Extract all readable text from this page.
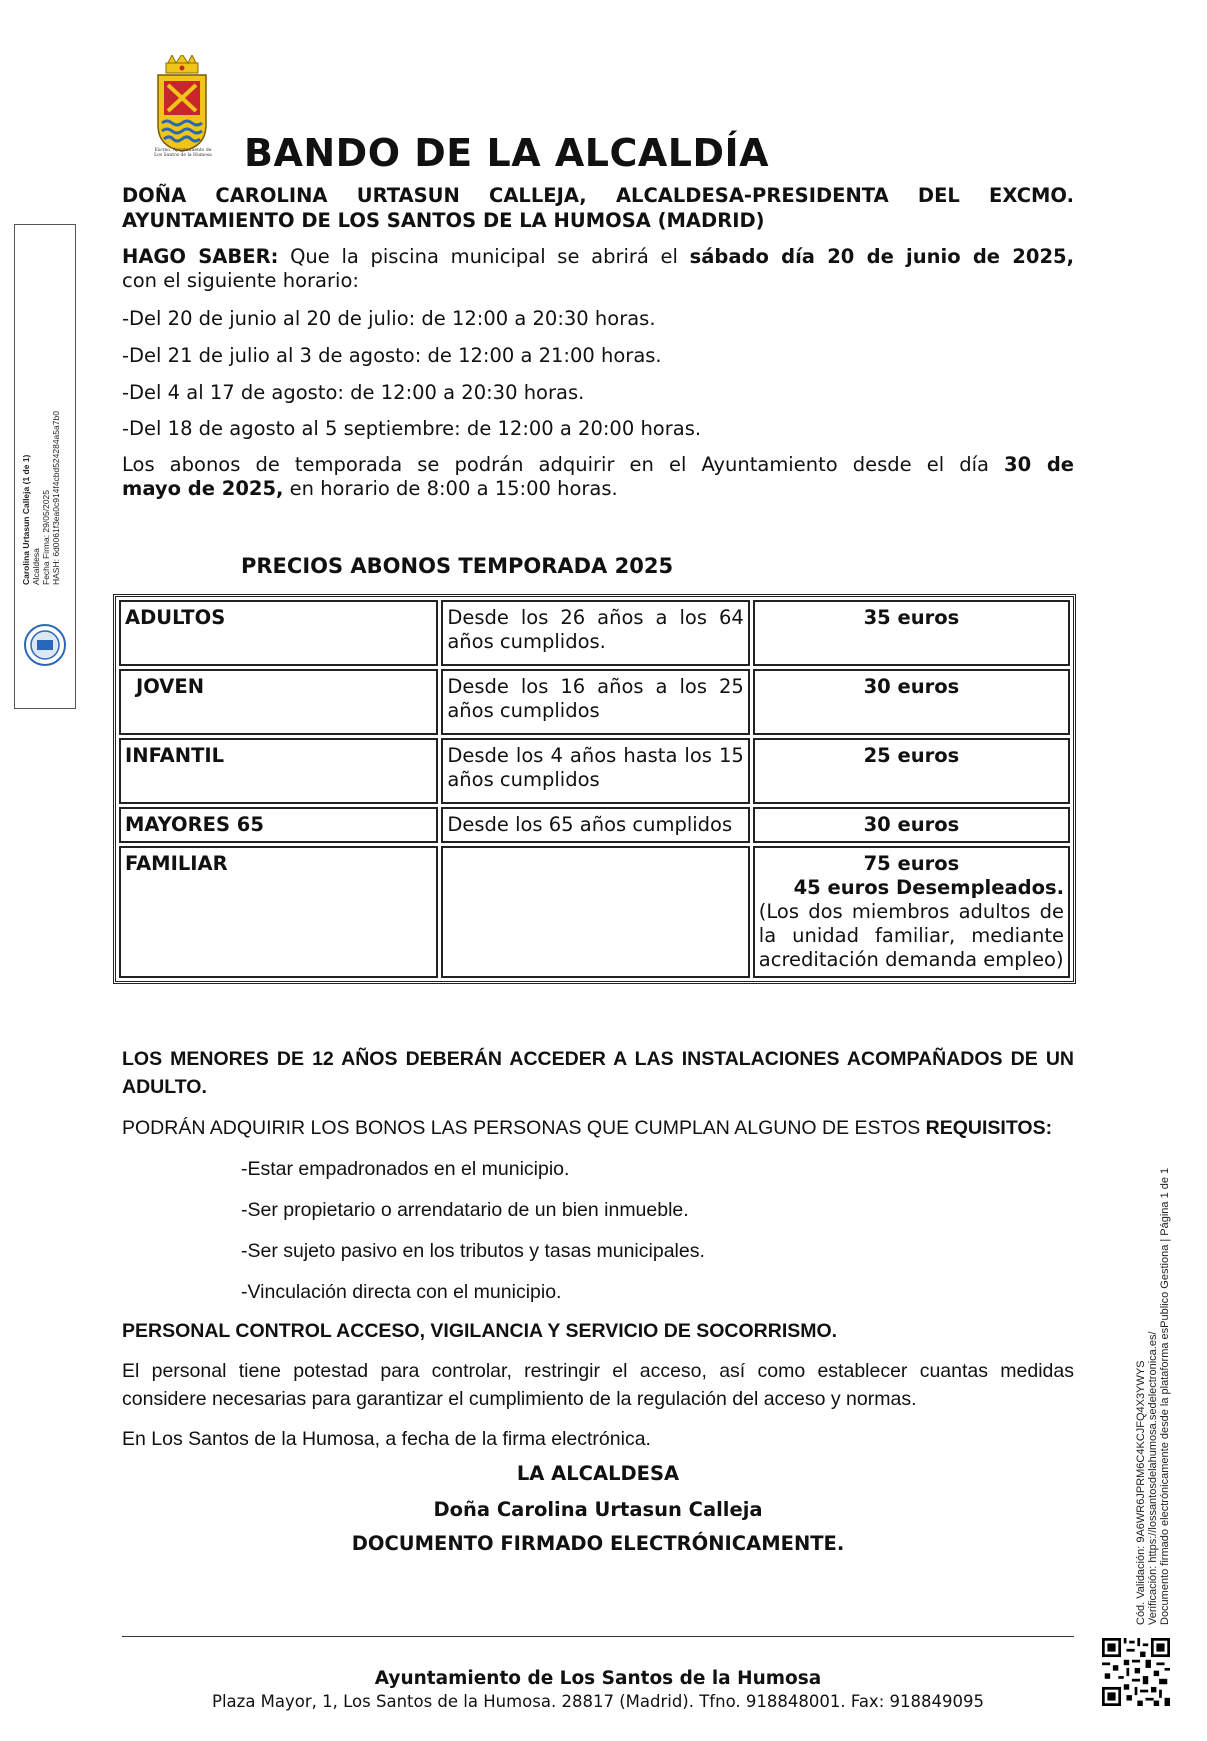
Excmo. Ayuntamiento de
Los Santos de la Humosa BANDO DE LA ALCALDÍA
DOÑA CAROLINA URTASUN CALLEJA, ALCALDESA-PRESIDENTA DEL EXCMO.
AYUNTAMIENTO DE LOS SANTOS DE LA HUMOSA (MADRID)
HAGO SABER: Que la piscina municipal se abrirá el sábado día 20 de junio de 2025,
con el siguiente horario:
-Del 20 de junio al 20 de julio: de 12:00 a 20:30 horas.
-Del 21 de julio al 3 de agosto: de 12:00 a 21:00 horas.
-Del 4 al 17 de agosto: de 12:00 a 20:30 horas.
-Del 18 de agosto al 5 septiembre: de 12:00 a 20:00 horas.
Los abonos de temporada se podrán adquirir en el Ayuntamiento desde el día 30 de
mayo de 2025, en horario de 8:00 a 15:00 horas.
PRECIOS ABONOS TEMPORADA 2025
ADULTOS	Desde los 26 años a los 64 años cumplidos.	35 euros
JOVEN	Desde los 16 años a los 25 años cumplidos	30 euros
INFANTIL	Desde los 4 años hasta los 15 años cumplidos	25 euros
MAYORES 65	Desde los 65 años cumplidos	30 euros
FAMILIAR		75 euros
45 euros Desempleados.
(Los dos miembros adultos de la unidad familiar, mediante acreditación demanda empleo)
LOS MENORES DE 12 AÑOS DEBERÁN ACCEDER A LAS INSTALACIONES ACOMPAÑADOS DE UN ADULTO.
PODRÁN ADQUIRIR LOS BONOS LAS PERSONAS QUE CUMPLAN ALGUNO DE ESTOS REQUISITOS:
-Estar empadronados en el municipio.
-Ser propietario o arrendatario de un bien inmueble.
-Ser sujeto pasivo en los tributos y tasas municipales.
-Vinculación directa con el municipio.
PERSONAL CONTROL ACCESO, VIGILANCIA Y SERVICIO DE SOCORRISMO.
El personal tiene potestad para controlar, restringir el acceso, así como establecer cuantas medidas considere necesarias para garantizar el cumplimiento de la regulación del acceso y normas.
En Los Santos de la Humosa, a fecha de la firma electrónica.
LA ALCALDESA
Doña Carolina Urtasun Calleja
DOCUMENTO FIRMADO ELECTRÓNICAMENTE.
Ayuntamiento de Los Santos de la Humosa
Plaza Mayor, 1, Los Santos de la Humosa. 28817 (Madrid). Tfno. 918848001. Fax: 918849095
Carolina Urtasun Calleja (1 de 1) Alcaldesa Fecha Firma: 29/05/2025 HASH: 6d0061f3ea0c914f4cbd524284a5a7b0
Cód. Validación: 9A6WR6JPRM6C4KCJFQ4X3YWYS Verificación: https://lossantosdelahumosa.sedelectronica.es/ Documento firmado electrónicamente desde la plataforma esPublico Gestiona | Página 1 de 1
